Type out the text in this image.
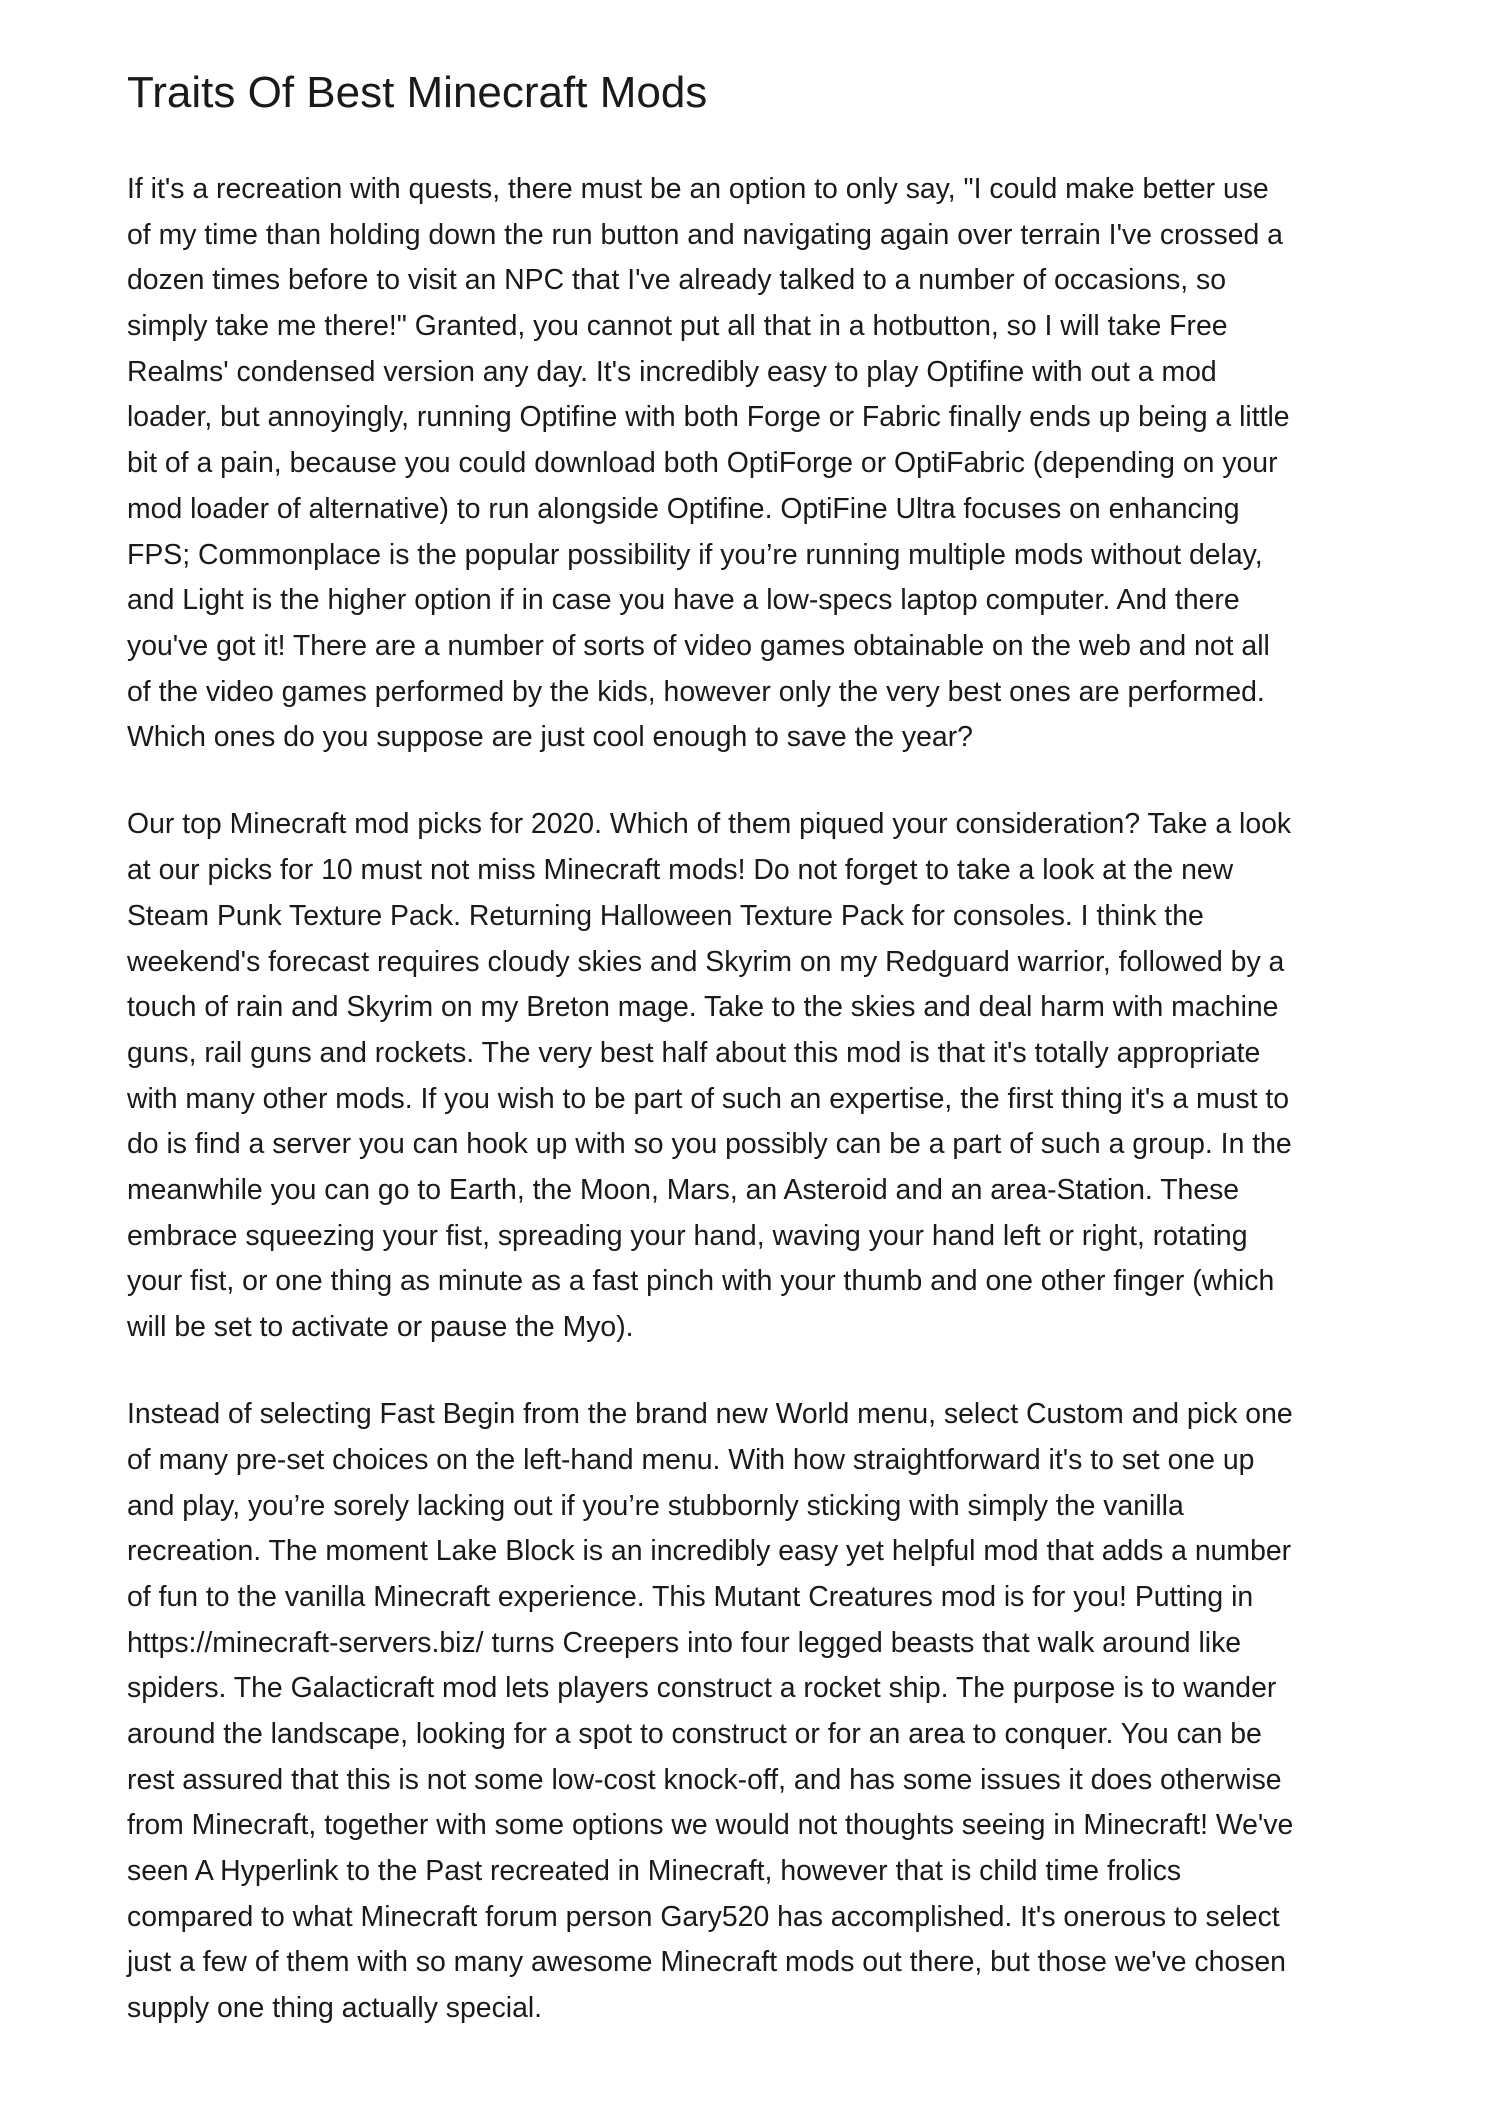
Traits Of Best Minecraft Mods

If it's a recreation with quests, there must be an option to only say, "I could make better use
of my time than holding down the run button and navigating again over terrain I've crossed a
dozen times before to visit an NPC that I've already talked to a number of occasions, so
simply take me there!" Granted, you cannot put all that in a hotbutton, so I will take Free
Realms' condensed version any day. It's incredibly easy to play Optifine with out a mod
loader, but annoyingly, running Optifine with both Forge or Fabric finally ends up being a little
bit of a pain, because you could download both OptiForge or OptiFabric (depending on your
mod loader of alternative) to run alongside Optifine. OptiFine Ultra focuses on enhancing
FPS; Commonplace is the popular possibility if you’re running multiple mods without delay,
and Light is the higher option if in case you have a low-specs laptop computer. And there
you've got it! There are a number of sorts of video games obtainable on the web and not all
of the video games performed by the kids, however only the very best ones are performed.
Which ones do you suppose are just cool enough to save the year?

Our top Minecraft mod picks for 2020. Which of them piqued your consideration? Take a look
at our picks for 10 must not miss Minecraft mods! Do not forget to take a look at the new
Steam Punk Texture Pack. Returning Halloween Texture Pack for consoles. I think the
weekend's forecast requires cloudy skies and Skyrim on my Redguard warrior, followed by a
touch of rain and Skyrim on my Breton mage. Take to the skies and deal harm with machine
guns, rail guns and rockets. The very best half about this mod is that it's totally appropriate
with many other mods. If you wish to be part of such an expertise, the first thing it's a must to
do is find a server you can hook up with so you possibly can be a part of such a group. In the
meanwhile you can go to Earth, the Moon, Mars, an Asteroid and an area-Station. These
embrace squeezing your fist, spreading your hand, waving your hand left or right, rotating
your fist, or one thing as minute as a fast pinch with your thumb and one other finger (which
will be set to activate or pause the Myo).

Instead of selecting Fast Begin from the brand new World menu, select Custom and pick one
of many pre-set choices on the left-hand menu. With how straightforward it's to set one up
and play, you’re sorely lacking out if you’re stubbornly sticking with simply the vanilla
recreation. The moment Lake Block is an incredibly easy yet helpful mod that adds a number
of fun to the vanilla Minecraft experience. This Mutant Creatures mod is for you! Putting in
https://minecraft-servers.biz/ turns Creepers into four legged beasts that walk around like
spiders. The Galacticraft mod lets players construct a rocket ship. The purpose is to wander
around the landscape, looking for a spot to construct or for an area to conquer. You can be
rest assured that this is not some low-cost knock-off, and has some issues it does otherwise
from Minecraft, together with some options we would not thoughts seeing in Minecraft! We've
seen A Hyperlink to the Past recreated in Minecraft, however that is child time frolics
compared to what Minecraft forum person Gary520 has accomplished. It's onerous to select
just a few of them with so many awesome Minecraft mods out there, but those we've chosen
supply one thing actually special.
